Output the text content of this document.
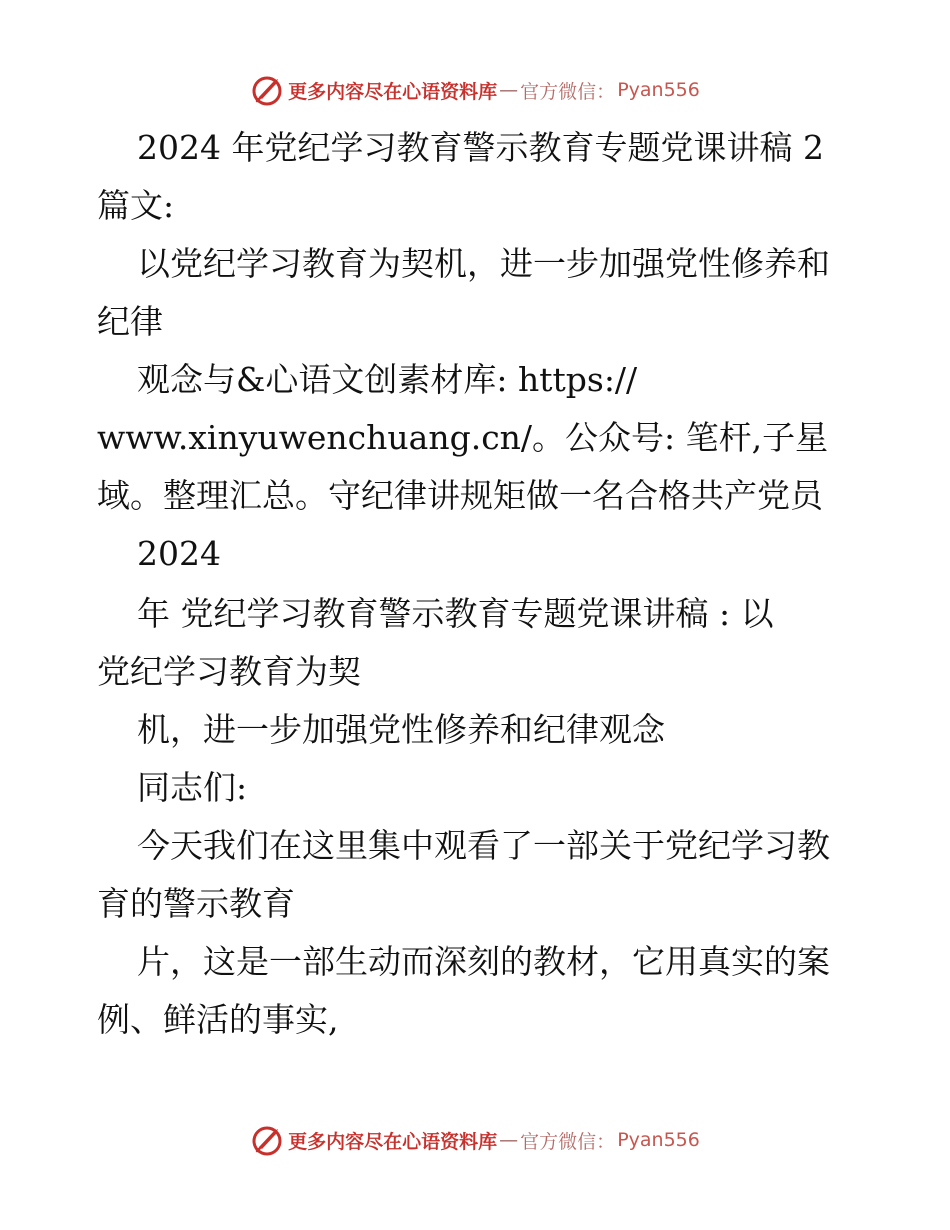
更多内容尽在心语资料库 — 官方微信： Pyan556
2024 年党纪学习教育警示教育专题党课讲稿 2
篇文:
以党纪学习教育为契机，进一步加强党性修养和
纪律
观念与&心语文创素材库: https://
www.xinyuwenchuang.cn/。公众号: 笔杆,子星
域。整理汇总。守纪律讲规矩做一名合格共产党员
2024
年 党纪学习教育警示教育专题党课讲稿 : 以
党纪学习教育为契
机，进一步加强党性修养和纪律观念
同志们:
今天我们在这里集中观看了一部关于党纪学习教
育的警示教育
片，这是一部生动而深刻的教材，它用真实的案
例、鲜活的事实,
更多内容尽在心语资料库 — 官方微信： Pyan556
